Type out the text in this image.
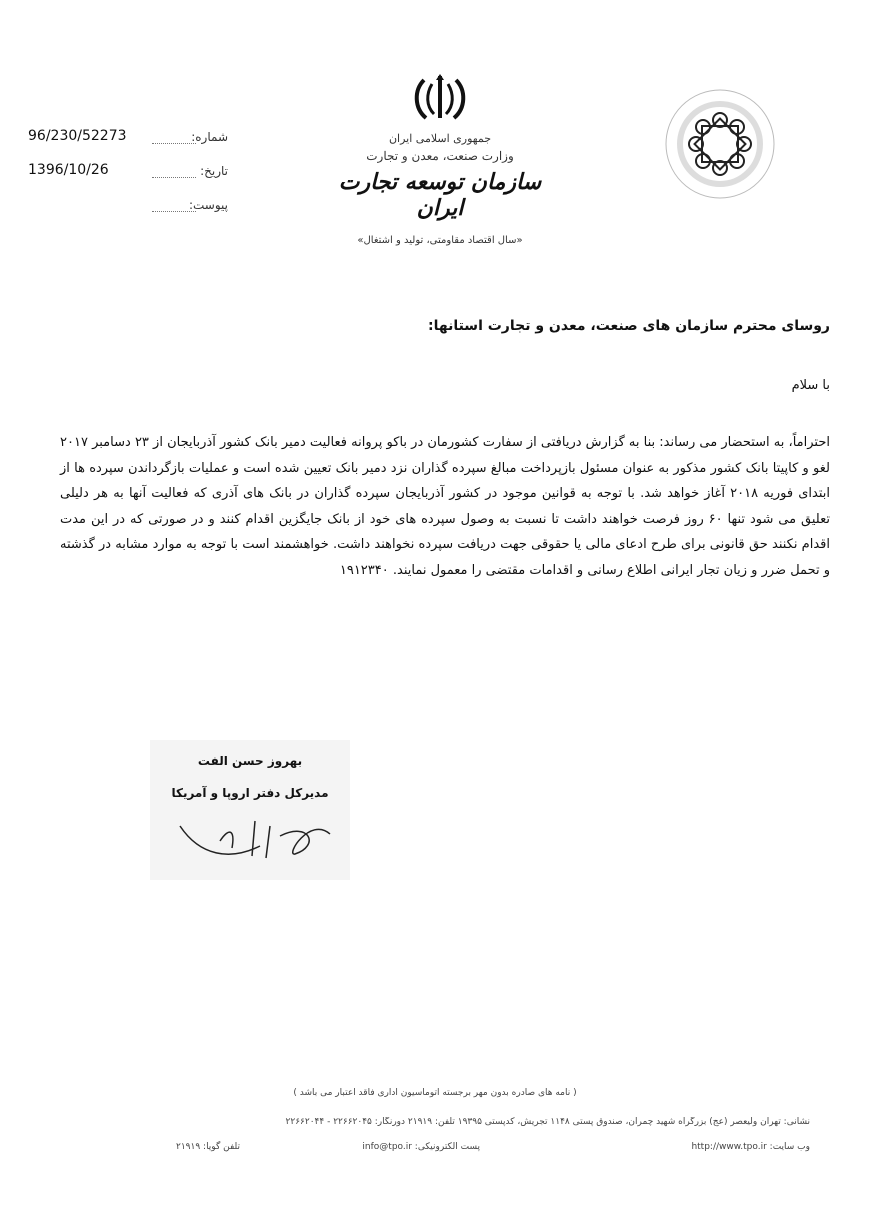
96/230/52273	شماره:
1396/10/26	تاریخ:
پیوست:
جمهوری اسلامی ایران
وزارت صنعت، معدن و تجارت
سازمان توسعه تجارت ایران
«سال اقتصاد مقاومتی، تولید و اشتغال»
روسای محترم سازمان های صنعت، معدن و تجارت استانها:
با سلام
احتراماً، به استحضار می رساند: بنا به گزارش دریافتی از سفارت کشورمان در باکو پروانه فعالیت دمیر بانک کشور آذربایجان از ۲۳ دسامبر ۲۰۱۷ لغو و کاپیتا بانک کشور مذکور به عنوان مسئول بازپرداخت مبالغ سپرده گذاران نزد دمیر بانک تعیین شده است و عملیات بازگرداندن سپرده ها از ابتدای فوریه ۲۰۱۸ آغاز خواهد شد. با توجه به قوانین موجود در کشور آذربایجان سپرده گذاران در بانک های آذری که فعالیت آنها به هر دلیلی تعلیق می شود تنها ۶۰ روز فرصت خواهند داشت تا نسبت به وصول سپرده های خود از بانک جایگزین اقدام کنند و در صورتی که در این مدت اقدام نکنند حق قانونی برای طرح ادعای مالی یا حقوقی جهت دریافت سپرده نخواهند داشت. خواهشمند است با توجه به موارد مشابه در گذشته و تحمل ضرر و زیان تجار ایرانی اطلاع رسانی و اقدامات مقتضی را معمول نمایند. ۱۹۱۲۳۴۰
بهروز حسن الفت
مدیرکل دفتر اروپا و آمریکا
( نامه های صادره بدون مهر برجسته اتوماسیون اداری فاقد اعتبار می باشد )
نشانی: تهران ولیعصر (عج) بزرگراه شهید چمران، صندوق پستی ۱۱۴۸ تجریش، کدپستی ۱۹۳۹۵ تلفن: ۲۱۹۱۹ دورنگار: ۲۲۶۶۲۰۴۵ - ۲۲۶۶۲۰۴۴
وب سایت: http://www.tpo.ir
پست الکترونیکی: info@tpo.ir
تلفن گویا: ۲۱۹۱۹
